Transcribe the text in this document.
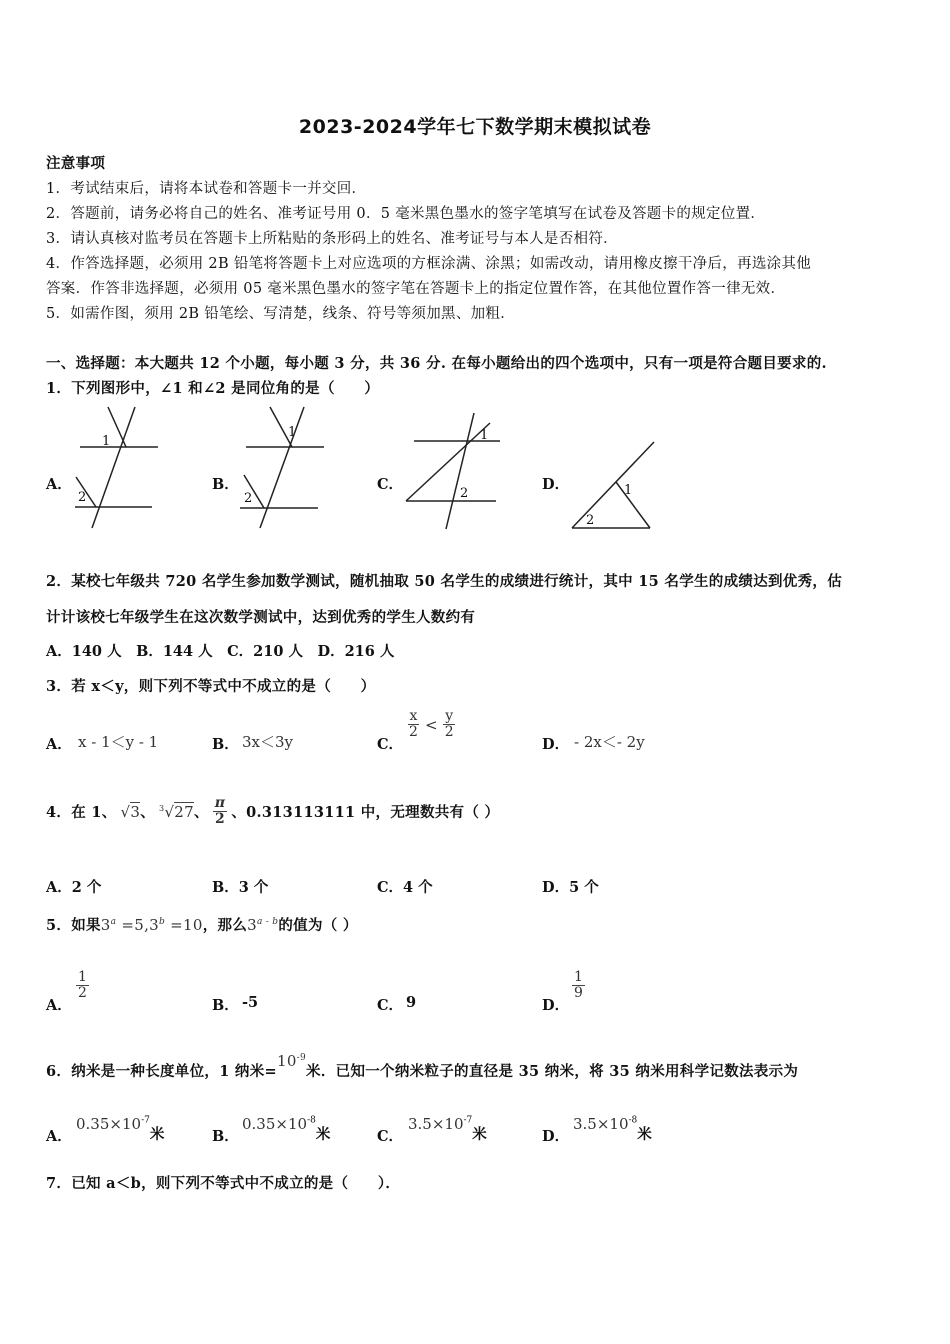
2023-2024学年七下数学期末模拟试卷
注意事项
1．考试结束后，请将本试卷和答题卡一并交回．
2．答题前，请务必将自己的姓名、准考证号用 0．5 毫米黑色墨水的签字笔填写在试卷及答题卡的规定位置．
3．请认真核对监考员在答题卡上所粘贴的条形码上的姓名、准考证号与本人是否相符．
4．作答选择题，必须用 2B 铅笔将答题卡上对应选项的方框涂满、涂黑；如需改动，请用橡皮擦干净后，再选涂其他
答案．作答非选择题，必须用 05 毫米黑色墨水的签字笔在答题卡上的指定位置作答，在其他位置作答一律无效．
5．如需作图，须用 2B 铅笔绘、写清楚，线条、符号等须加黑、加粗．
一、选择题：本大题共 12 个小题，每小题 3 分，共 36 分. 在每小题给出的四个选项中，只有一项是符合题目要求的.
1．下列图形中，∠1 和∠2 是同位角的是（　　）
A．
1
2
B．
1
2
C．
1
2
D．	1
2
2．某校七年级共 720 名学生参加数学测试，随机抽取 50 名学生的成绩进行统计，其中 15 名学生的成绩达到优秀，估
计计该校七年级学生在这次数学测试中，达到优秀的学生人数约有
A．140 人　B．144 人　C．210 人　D．216 人
3．若 x＜y，则下列不等式中不成立的是（　　）
A． x - 1＜y - 1	B． 3x＜3y	C．
$\frac{x}{2} < \frac{y}{2}$
D． - 2x＜- 2y
4．在 1、 √3 、 $^3$√27 、 $\frac{\pi}{2}$ 、0.313113111 中，无理数共有（ ）
A．2 个	B．3 个	C．4 个	D．5 个
5．如果$3^a =5,3^b =10$，那么3$^{a - b}$的值为（ ）
A．
$\frac{1}{2}$
B． -5	C． 9	D．
$\frac{1}{9}$
6．纳米是一种长度单位，1 纳米$=10^{-9}$米．已知一个纳米粒子的直径是 35 纳米，将 35 纳米用科学记数法表示为
A．
$0.35\times 10^{-7}$米	B．
$0.35\times 10^{-8}$米	C．
$3.5\times 10^{-7}$米	D．
$3.5\times 10^{-8}$米
7．已知 a＜b，则下列不等式中不成立的是（　　）．
